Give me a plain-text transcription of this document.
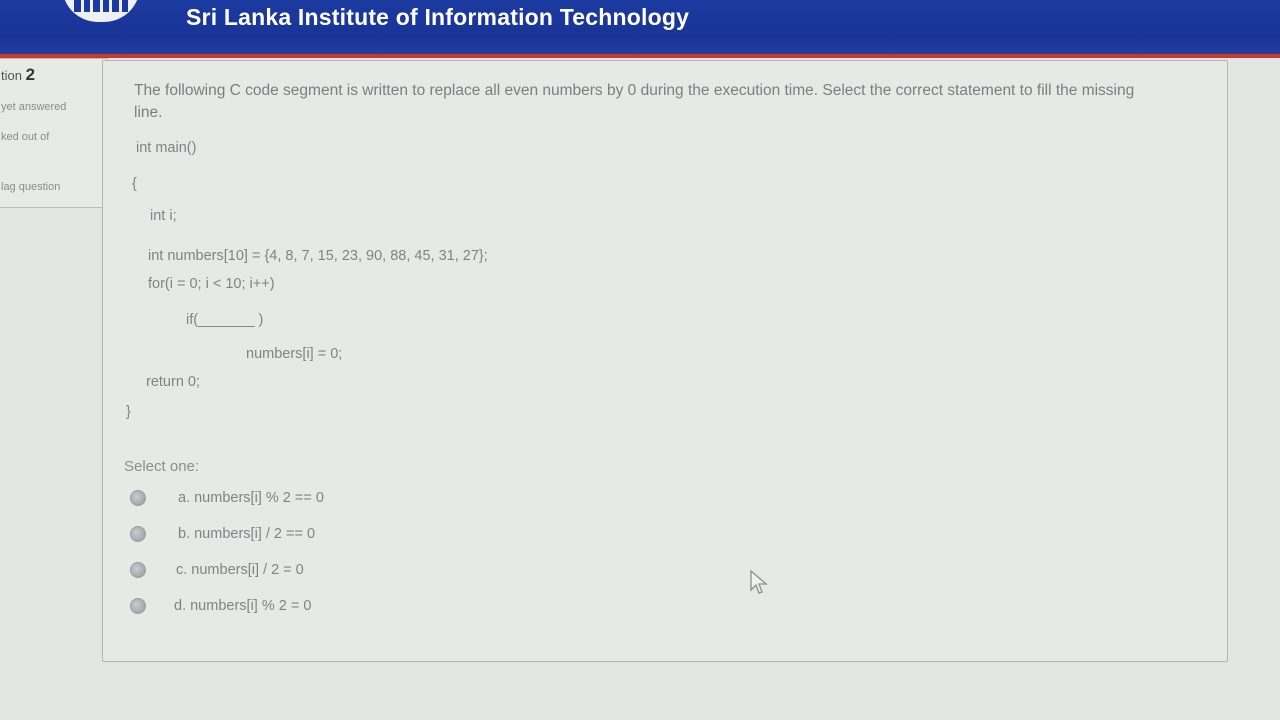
Sri Lanka Institute of Information Technology
tion 2
yet answered
ked out of
lag question
The following C code segment is written to replace all even numbers by 0 during the execution time. Select the correct statement to fill the missing line.
int main()
{
int i;
int numbers[10] = {4, 8, 7, 15, 23, 90, 88, 45, 31, 27};
for(i = 0; i < 10; i++)
if(_______ )
numbers[i] = 0;
return 0;
}
Select one:
a. numbers[i] % 2 == 0
b. numbers[i] / 2 == 0
c. numbers[i] / 2 = 0
d. numbers[i] % 2 = 0
